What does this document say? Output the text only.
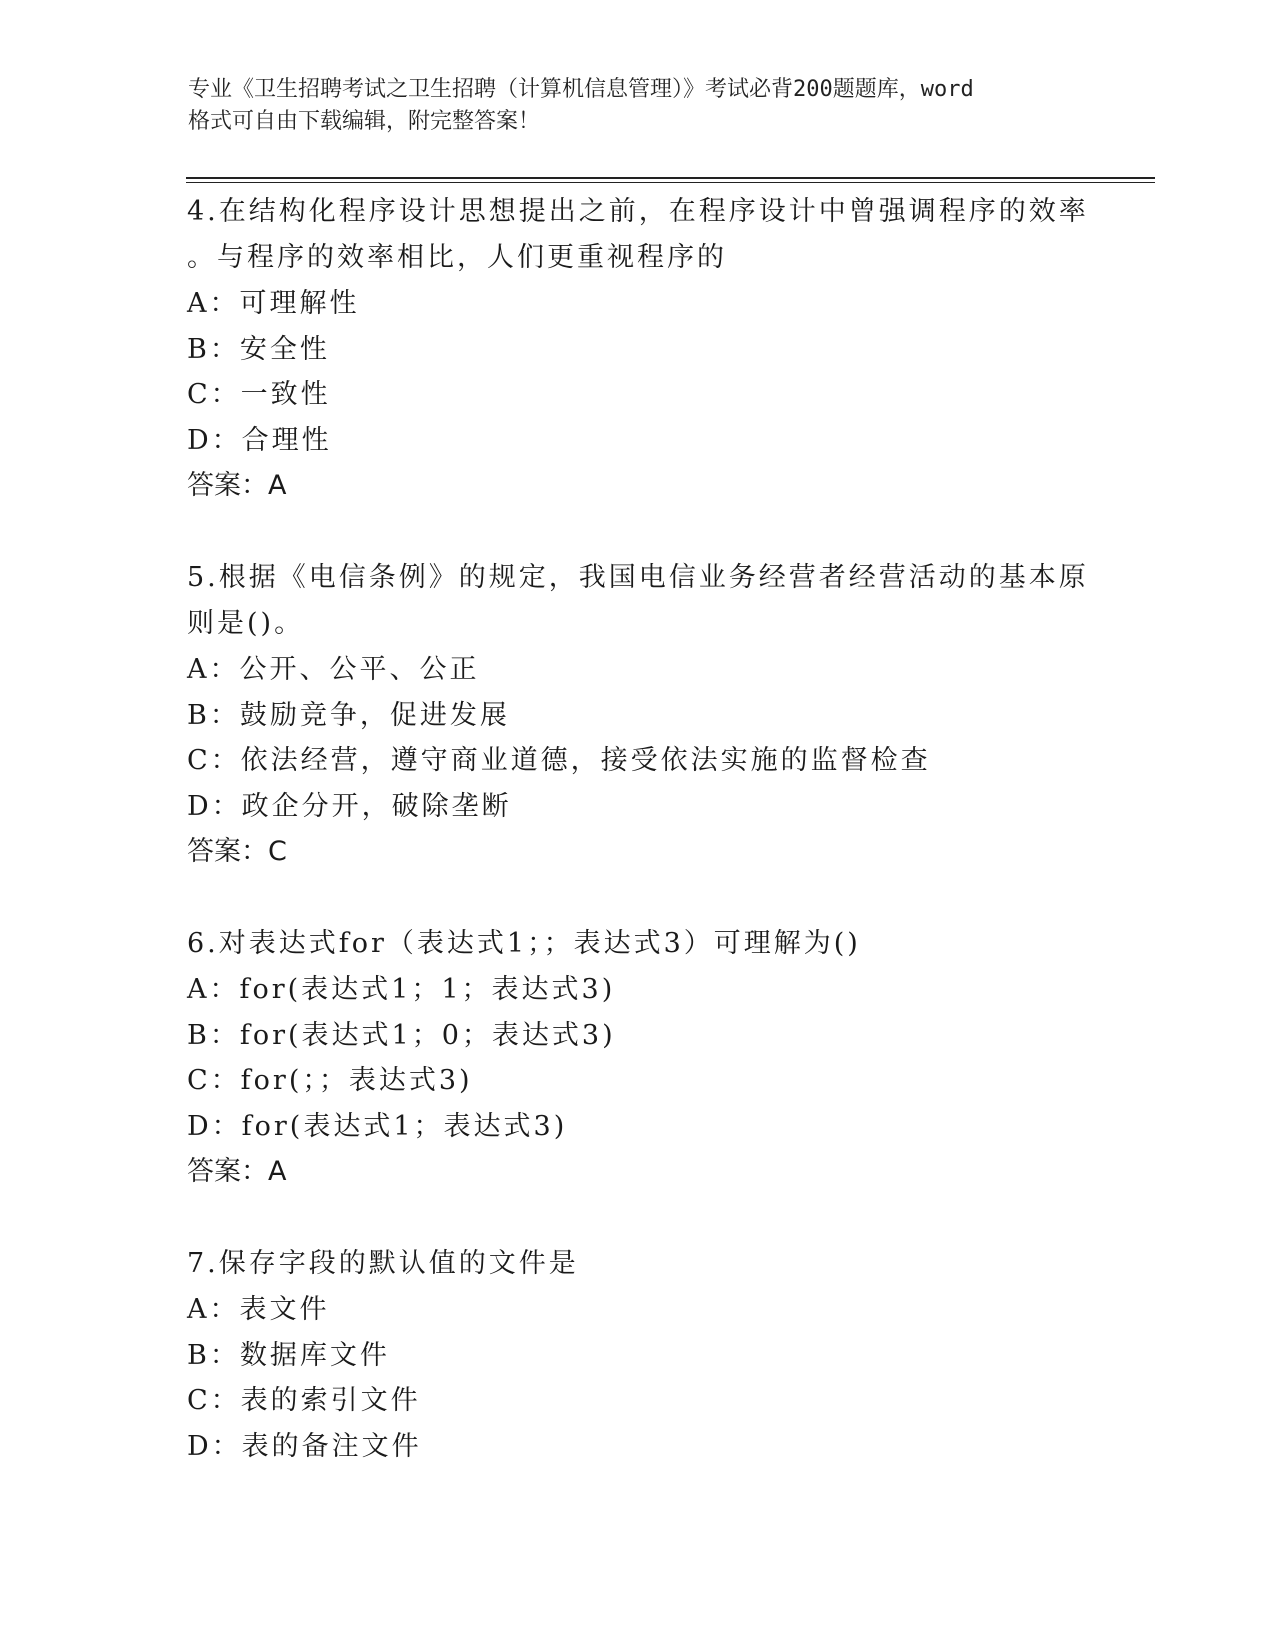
专业《卫生招聘考试之卫生招聘（计算机信息管理）》考试必背200题题库，word
格式可自由下载编辑，附完整答案！
4.在结构化程序设计思想提出之前，在程序设计中曾强调程序的效率
。与程序的效率相比，人们更重视程序的
A：可理解性
B：安全性
C：一致性
D：合理性
答案：A
5.根据《电信条例》的规定，我国电信业务经营者经营活动的基本原
则是()。
A：公开、公平、公正
B：鼓励竞争，促进发展
C：依法经营，遵守商业道德，接受依法实施的监督检查
D：政企分开，破除垄断
答案：C
6.对表达式for（表达式1；；表达式3）可理解为()
A：for(表达式1；1；表达式3)
B：for(表达式1；0；表达式3)
C：for(；；表达式3)
D：for(表达式1；表达式3)
答案：A
7.保存字段的默认值的文件是
A：表文件
B：数据库文件
C：表的索引文件
D：表的备注文件
